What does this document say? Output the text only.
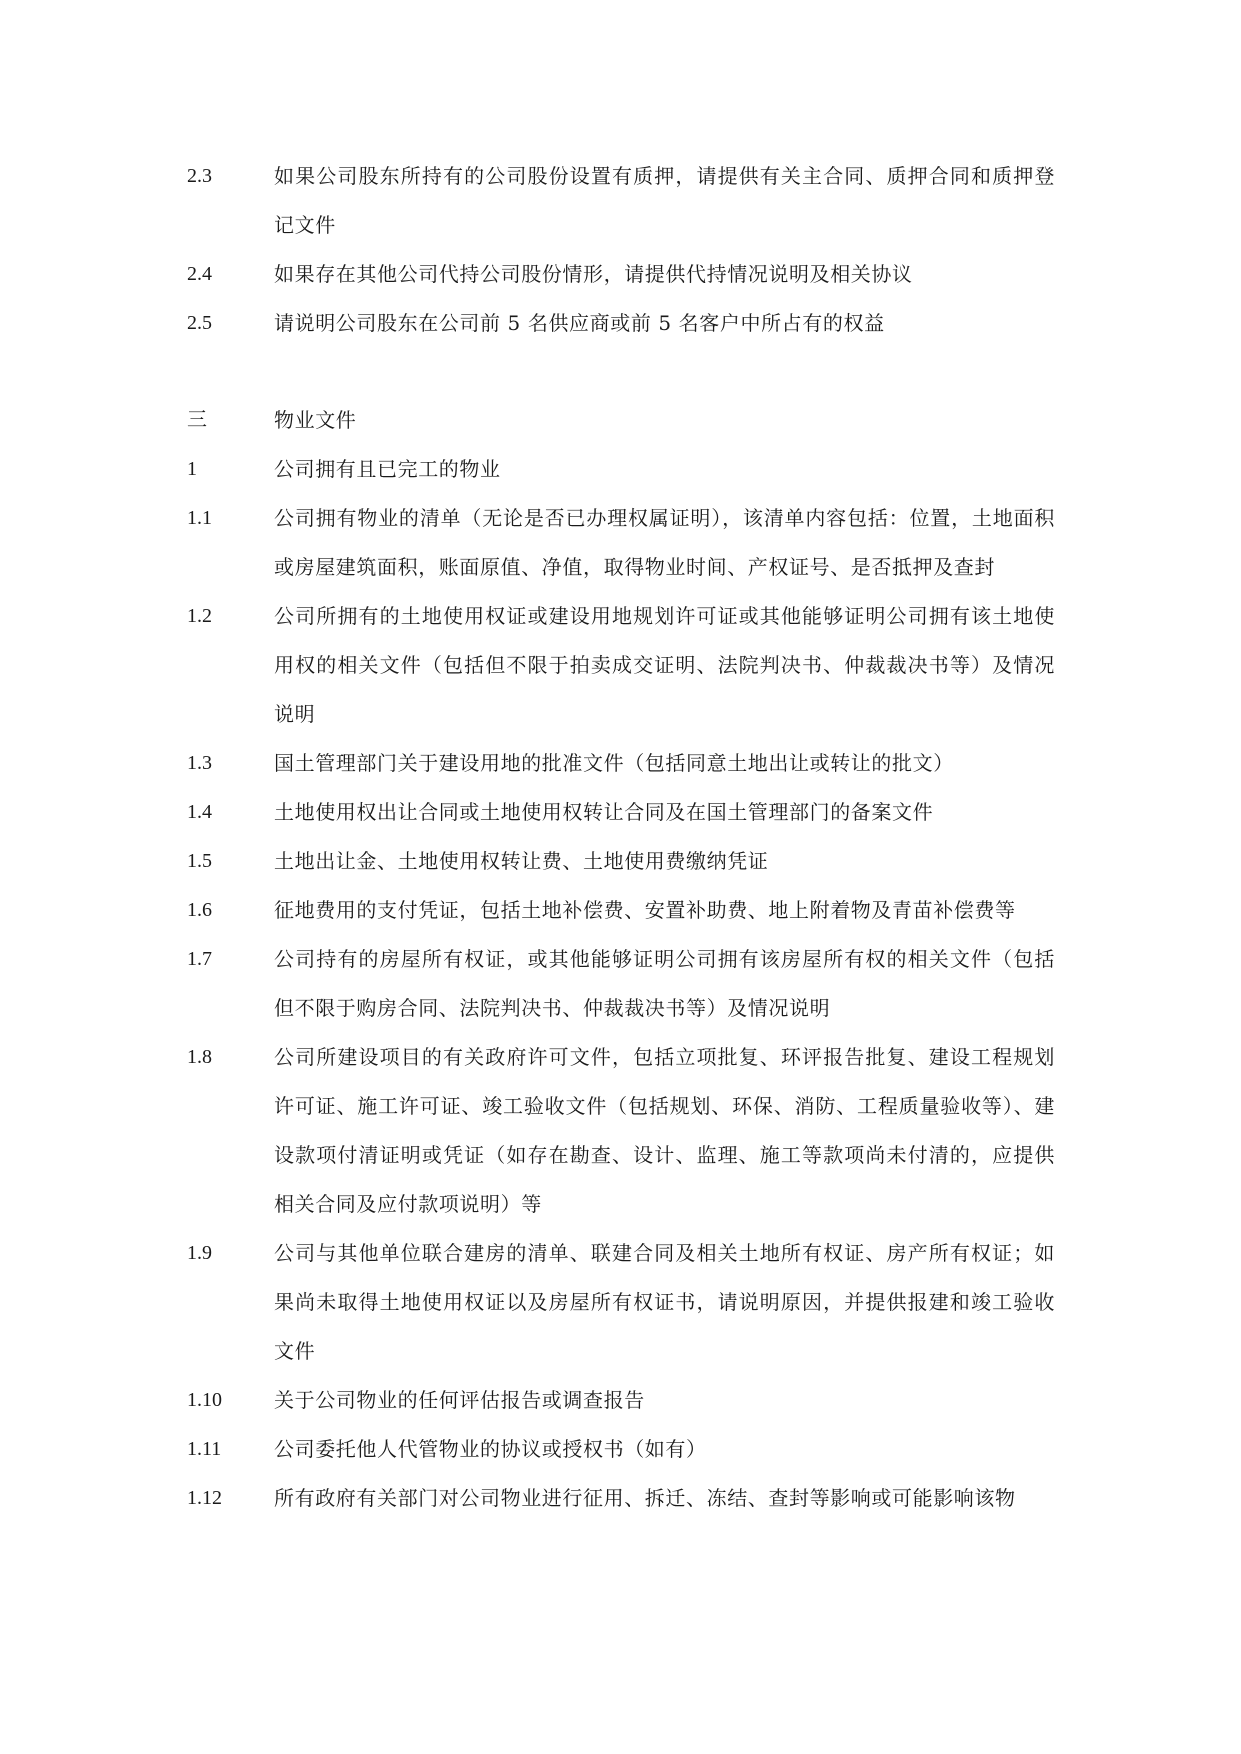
2.3	如果公司股东所持有的公司股份设置有质押，请提供有关主合同、质押合同和质押登记文件
2.4	如果存在其他公司代持公司股份情形，请提供代持情况说明及相关协议
2.5	请说明公司股东在公司前 5 名供应商或前 5 名客户中所占有的权益
三	物业文件
1	公司拥有且已完工的物业
1.1	公司拥有物业的清单（无论是否已办理权属证明），该清单内容包括：位置，土地面积或房屋建筑面积，账面原值、净值，取得物业时间、产权证号、是否抵押及查封
1.2	公司所拥有的土地使用权证或建设用地规划许可证或其他能够证明公司拥有该土地使用权的相关文件（包括但不限于拍卖成交证明、法院判决书、仲裁裁决书等）及情况说明
1.3	国土管理部门关于建设用地的批准文件（包括同意土地出让或转让的批文）
1.4	土地使用权出让合同或土地使用权转让合同及在国土管理部门的备案文件
1.5	土地出让金、土地使用权转让费、土地使用费缴纳凭证
1.6	征地费用的支付凭证，包括土地补偿费、安置补助费、地上附着物及青苗补偿费等
1.7	公司持有的房屋所有权证，或其他能够证明公司拥有该房屋所有权的相关文件（包括但不限于购房合同、法院判决书、仲裁裁决书等）及情况说明
1.8	公司所建设项目的有关政府许可文件，包括立项批复、环评报告批复、建设工程规划许可证、施工许可证、竣工验收文件（包括规划、环保、消防、工程质量验收等）、建设款项付清证明或凭证（如存在勘查、设计、监理、施工等款项尚未付清的，应提供相关合同及应付款项说明）等
1.9	公司与其他单位联合建房的清单、联建合同及相关土地所有权证、房产所有权证；如果尚未取得土地使用权证以及房屋所有权证书，请说明原因，并提供报建和竣工验收文件
1.10	关于公司物业的任何评估报告或调查报告
1.11	公司委托他人代管物业的协议或授权书（如有）
1.12	所有政府有关部门对公司物业进行征用、拆迁、冻结、查封等影响或可能影响该物
